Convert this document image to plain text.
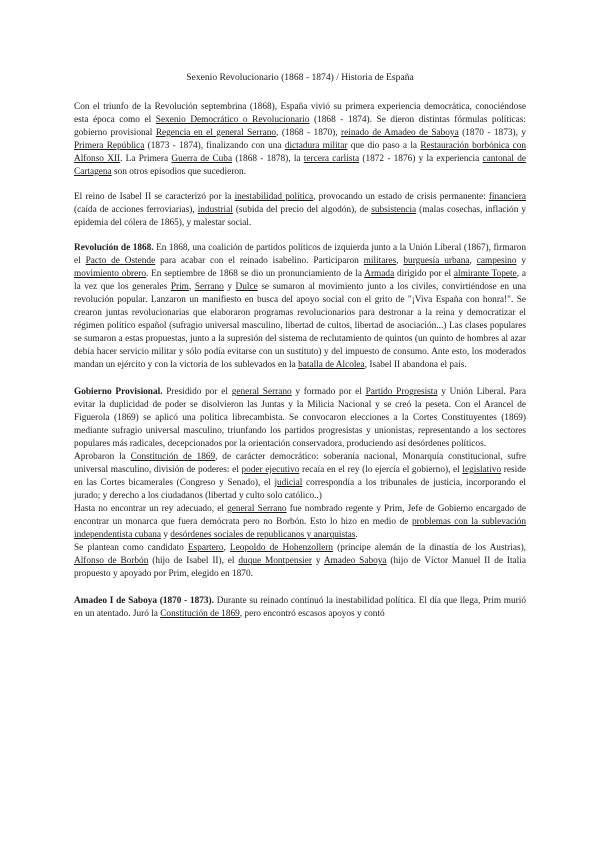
Sexenio Revolucionario (1868 - 1874) / Historia de España

Con el triunfo de la Revolución septembrina (1868), España vivió su primera experiencia democrática, conociéndose esta época como el Sexenio Democrático o Revolucionario (1868 - 1874). Se dieron distintas fórmulas políticas: gobierno provisional Regencia en el general Serrano, (1868 - 1870), reinado de Amadeo de Saboya (1870 - 1873), y Primera República (1873 - 1874), finalizando con una dictadura militar que dio paso a la Restauración borbónica con Alfonso XII. La Primera Guerra de Cuba (1868 - 1878), la tercera carlista (1872 - 1876) y la experiencia cantonal de Cartagena son otros episodios que sucedieron.

El reino de Isabel II se caracterizó por la inestabilidad política, provocando un estado de crisis permanente: financiera (caída de acciones ferroviarias), industrial (subida del precio del algodón), de subsistencia (malas cosechas, inflación y epidemia del cólera de 1865), y malestar social.

Revolución de 1868. En 1868, una coalición de partidos políticos de izquierda junto a la Unión Liberal (1867), firmaron el Pacto de Ostende para acabar con el reinado isabelino. Participaron militares, burguesía urbana, campesino y movimiento obrero. En septiembre de 1868 se dio un pronunciamiento de la Armada dirigido por el almirante Topete, a la vez que los generales Prim, Serrano y Dulce se sumaron al movimiento junto a los civiles, convirtiéndose en una revolución popular. Lanzaron un manifiesto en busca del apoyo social con el grito de "¡Viva España con honra!". Se crearon juntas revolucionarias que elaboraron programas revolucionarios para destronar a la reina y democratizar el régimen político español (sufragio universal masculino, libertad de cultos, libertad de asociación...) Las clases populares se sumaron a estas propuestas, junto a la supresión del sistema de reclutamiento de quintos (un quinto de hombres al azar debía hacer servicio militar y sólo podía evitarse con un sustituto) y del impuesto de consumo. Ante esto, los moderados mandan un ejército y con la victoria de los sublevados en la batalla de Alcolea, Isabel II abandona el país.

Gobierno Provisional. Presidido por el general Serrano y formado por el Partido Progresista y Unión Liberal. Para evitar la duplicidad de poder se disolvieron las Juntas y la Milicia Nacional y se creó la peseta. Con el Arancel de Figuerola (1869) se aplicó una política librecambista. Se convocaron elecciones a la Cortes Constituyentes (1869) mediante sufragio universal masculino, triunfando los partidos progresistas y unionistas, representando a los sectores populares más radicales, decepcionados por la orientación conservadora, produciendo así desórdenes políticos.

Aprobaron la Constitución de 1869, de carácter democrático: soberanía nacional, Monarquía constitucional, sufre universal masculino, división de poderes: el poder ejecutivo recaía en el rey (lo ejercía el gobierno), el legislativo reside en las Cortes bicamerales (Congreso y Senado), el judicial correspondía a los tribunales de justicia, incorporando el jurado; y derecho a los ciudadanos (libertad y culto solo católico..)

Hasta no encontrar un rey adecuado, el general Serrano fue nombrado regente y Prim, Jefe de Gobierno encargado de encontrar un monarca que fuera demócrata pero no Borbón. Esto lo hizo en medio de problemas con la sublevación independentista cubana y desórdenes sociales de republicanos y anarquistas.

Se plantean como candidato Espartero, Leopoldo de Hohenzollern (príncipe alemán de la dinastía de los Austrias), Alfonso de Borbón (hijo de Isabel II), el duque Montpensier y Amadeo Saboya (hijo de Víctor Manuel II de Italia propuesto y apoyado por Prim, elegido en 1870.

Amadeo I de Saboya (1870 - 1873). Durante su reinado continuó la inestabilidad política. El día que llega, Prim murió en un atentado. Juró la Constitución de 1869, pero encontró escasos apoyos y contó
